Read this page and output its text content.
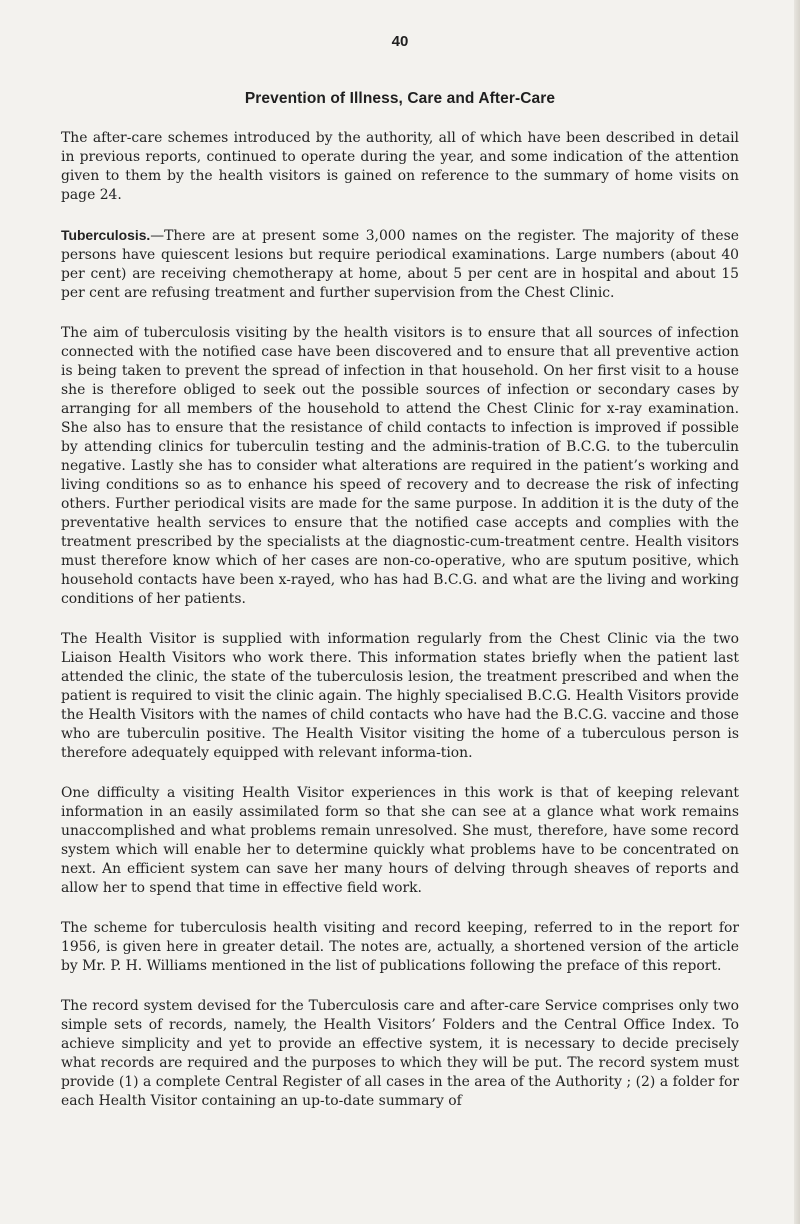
40
Prevention of Illness, Care and After-Care

The after-care schemes introduced by the authority, all of which have been described in detail in previous reports, continued to operate during the year, and some indication of the attention given to them by the health visitors is gained on reference to the summary of home visits on page 24.

Tuberculosis.—There are at present some 3,000 names on the register. The majority of these persons have quiescent lesions but require periodical examinations. Large numbers (about 40 per cent) are receiving chemotherapy at home, about 5 per cent are in hospital and about 15 per cent are refusing treatment and further supervision from the Chest Clinic.

The aim of tuberculosis visiting by the health visitors is to ensure that all sources of infection connected with the notified case have been discovered and to ensure that all preventive action is being taken to prevent the spread of infection in that household. On her first visit to a house she is therefore obliged to seek out the possible sources of infection or secondary cases by arranging for all members of the household to attend the Chest Clinic for x-ray examination. She also has to ensure that the resistance of child contacts to infection is improved if possible by attending clinics for tuberculin testing and the adminis-tration of B.C.G. to the tuberculin negative. Lastly she has to consider what alterations are required in the patient’s working and living conditions so as to enhance his speed of recovery and to decrease the risk of infecting others. Further periodical visits are made for the same purpose. In addition it is the duty of the preventative health services to ensure that the notified case accepts and complies with the treatment prescribed by the specialists at the diagnostic-cum-treatment centre. Health visitors must therefore know which of her cases are non-co-operative, who are sputum positive, which household contacts have been x-rayed, who has had B.C.G. and what are the living and working conditions of her patients.

The Health Visitor is supplied with information regularly from the Chest Clinic via the two Liaison Health Visitors who work there. This information states briefly when the patient last attended the clinic, the state of the tuberculosis lesion, the treatment prescribed and when the patient is required to visit the clinic again. The highly specialised B.C.G. Health Visitors provide the Health Visitors with the names of child contacts who have had the B.C.G. vaccine and those who are tuberculin positive. The Health Visitor visiting the home of a tuberculous person is therefore adequately equipped with relevant informa-tion.

One difficulty a visiting Health Visitor experiences in this work is that of keeping relevant information in an easily assimilated form so that she can see at a glance what work remains unaccomplished and what problems remain unresolved. She must, therefore, have some record system which will enable her to determine quickly what problems have to be concentrated on next. An efficient system can save her many hours of delving through sheaves of reports and allow her to spend that time in effective field work.

The scheme for tuberculosis health visiting and record keeping, referred to in the report for 1956, is given here in greater detail. The notes are, actually, a shortened version of the article by Mr. P. H. Williams mentioned in the list of publications following the preface of this report.

The record system devised for the Tuberculosis care and after-care Service comprises only two simple sets of records, namely, the Health Visitors’ Folders and the Central Office Index. To achieve simplicity and yet to provide an effective system, it is necessary to decide precisely what records are required and the purposes to which they will be put. The record system must provide (1) a complete Central Register of all cases in the area of the Authority ; (2) a folder for each Health Visitor containing an up-to-date summary of
